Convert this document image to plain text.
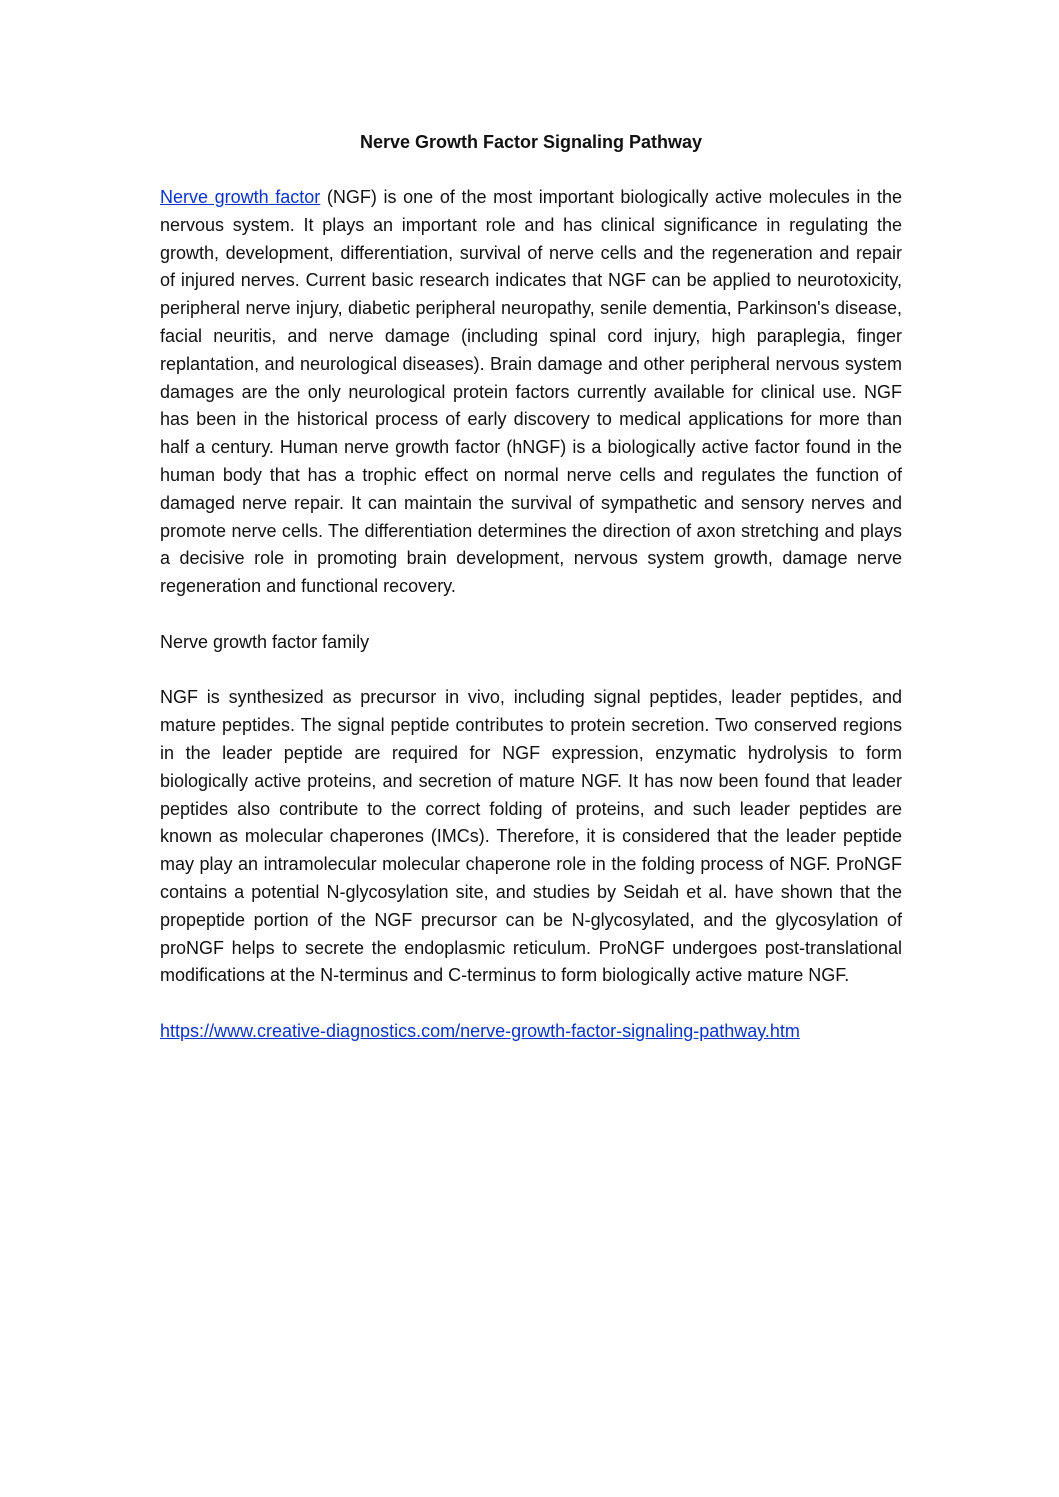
Nerve Growth Factor Signaling Pathway

Nerve growth factor (NGF) is one of the most important biologically active molecules in the nervous system. It plays an important role and has clinical significance in regulating the growth, development, differentiation, survival of nerve cells and the regeneration and repair of injured nerves. Current basic research indicates that NGF can be applied to neurotoxicity, peripheral nerve injury, diabetic peripheral neuropathy, senile dementia, Parkinson's disease, facial neuritis, and nerve damage (including spinal cord injury, high paraplegia, finger replantation, and neurological diseases). Brain damage and other peripheral nervous system damages are the only neurological protein factors currently available for clinical use. NGF has been in the historical process of early discovery to medical applications for more than half a century. Human nerve growth factor (hNGF) is a biologically active factor found in the human body that has a trophic effect on normal nerve cells and regulates the function of damaged nerve repair. It can maintain the survival of sympathetic and sensory nerves and promote nerve cells. The differentiation determines the direction of axon stretching and plays a decisive role in promoting brain development, nervous system growth, damage nerve regeneration and functional recovery.

Nerve growth factor family

NGF is synthesized as precursor in vivo, including signal peptides, leader peptides, and mature peptides. The signal peptide contributes to protein secretion. Two conserved regions in the leader peptide are required for NGF expression, enzymatic hydrolysis to form biologically active proteins, and secretion of mature NGF. It has now been found that leader peptides also contribute to the correct folding of proteins, and such leader peptides are known as molecular chaperones (IMCs). Therefore, it is considered that the leader peptide may play an intramolecular molecular chaperone role in the folding process of NGF. ProNGF contains a potential N-glycosylation site, and studies by Seidah et al. have shown that the propeptide portion of the NGF precursor can be N-glycosylated, and the glycosylation of proNGF helps to secrete the endoplasmic reticulum. ProNGF undergoes post-translational modifications at the N-terminus and C-terminus to form biologically active mature NGF.

https://www.creative-diagnostics.com/nerve-growth-factor-signaling-pathway.htm
